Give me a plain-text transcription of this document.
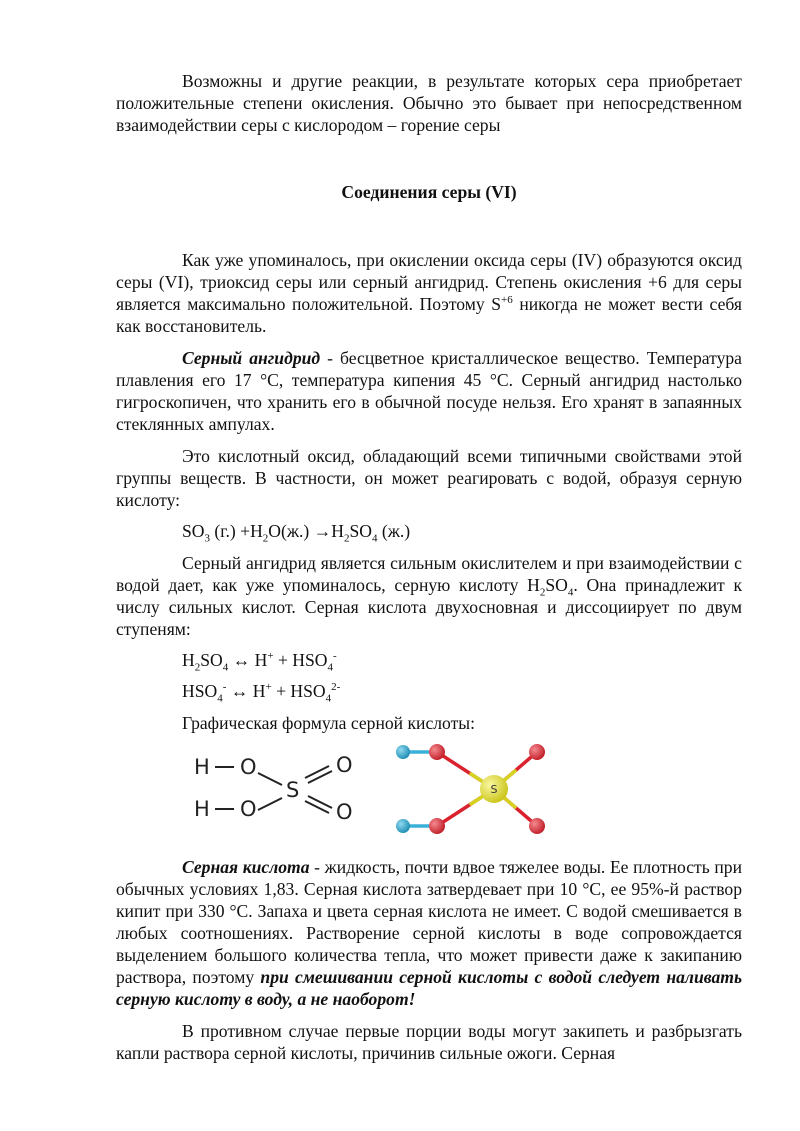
Возможны и другие реакции, в результате которых сера приобретает положительные степени окисления. Обычно это бывает при непосредственном взаимодействии серы с кислородом – горение серы

Соединения серы (VI)

Как уже упоминалось, при окислении оксида серы (IV) образуются оксид серы (VI), триоксид серы или серный ангидрид. Степень окисления +6 для серы является максимально положительной. Поэтому $S^{+6}$ никогда не может вести себя как восстановитель.

Серный ангидрид - бесцветное кристаллическое вещество. Температура плавления его 17 °С, температура кипения 45 °С. Серный ангидрид настолько гигроскопичен, что хранить его в обычной посуде нельзя. Его хранят в запаянных стеклянных ампулах.

Это кислотный оксид, обладающий всеми типичными свойствами этой группы веществ. В частности, он может реагировать с водой, образуя серную кислоту:

$SO_3$ $(г.) +H_2O(ж.) \to H_2SO_4$ (ж.)

Серный ангидрид является сильным окислителем и при взаимодействии с водой дает, как уже упоминалось, серную кислоту $H_2SO_4$. Она принадлежит к числу сильных кислот. Серная кислота двухосновная и диссоциирует по двум ступеням:

$H_2SO_4$ ↔ $H^+ + HSO_4^-$
$HSO_4^-$ ↔ $H^+ + HSO_4^{2-}$

Графическая формула серной кислоты:

H O
H O
S
O
O
S

Серная кислота - жидкость, почти вдвое тяжелее воды. Ее плотность при обычных условиях 1,83. Серная кислота затвердевает при 10 °С, ее 95%-й раствор кипит при 330 °С. Запаха и цвета серная кислота не имеет. С водой смешивается в любых соотношениях. Растворение серной кислоты в воде сопровождается выделением большого количества тепла, что может привести даже к закипанию раствора, поэтому при смешивании серной кислоты с водой следует наливать серную кислоту в воду, а не наоборот!

В противном случае первые порции воды могут закипеть и разбрызгать капли раствора серной кислоты, причинив сильные ожоги. Серная
